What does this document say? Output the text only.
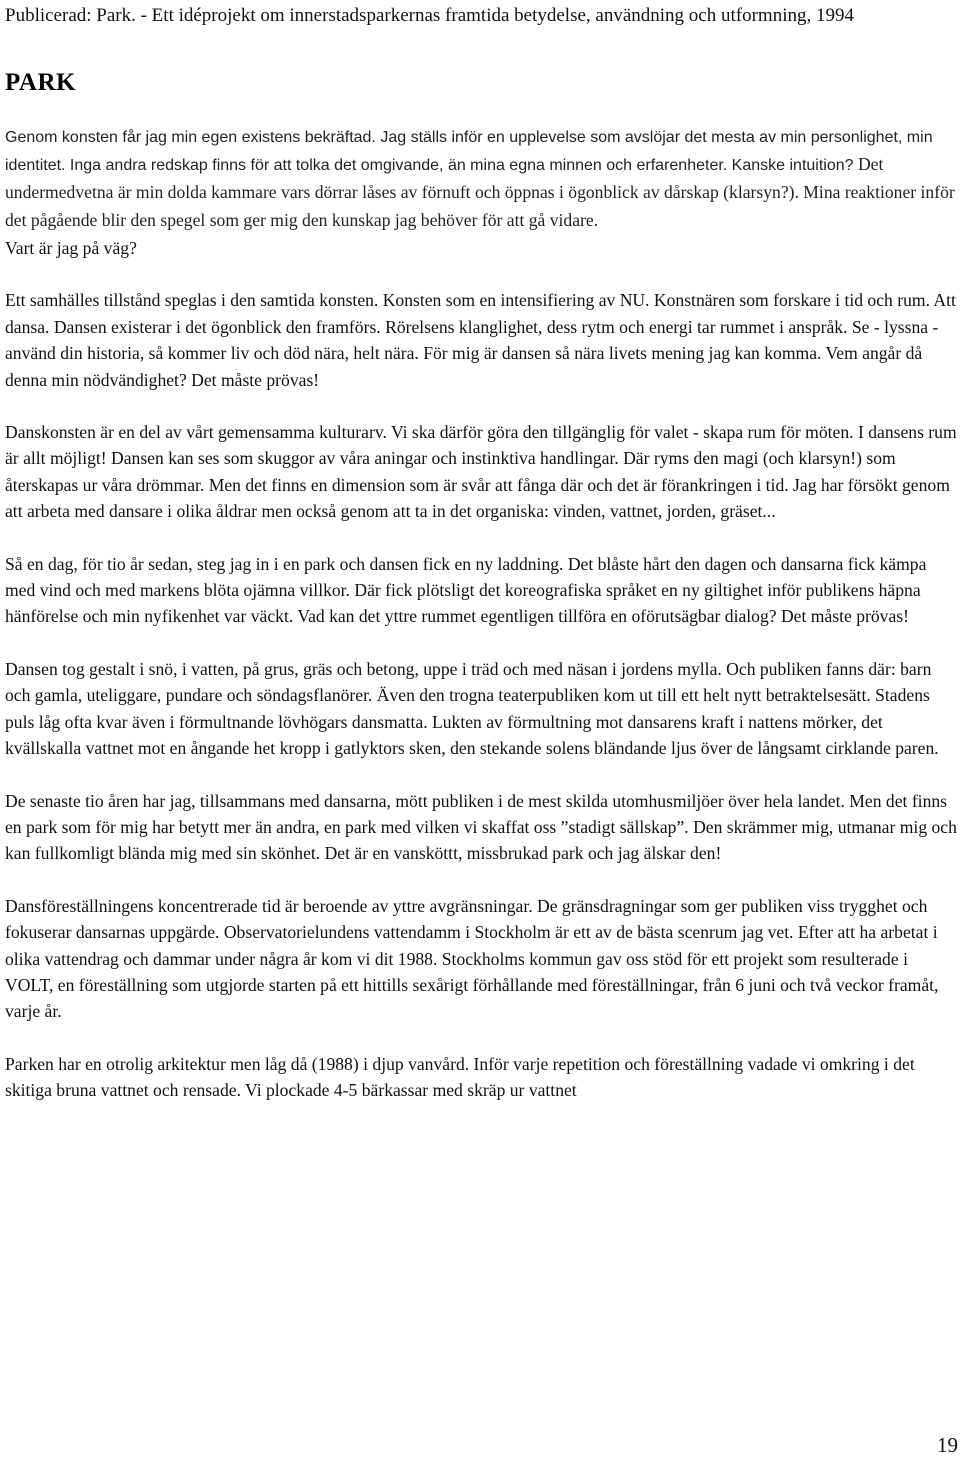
Publicerad: Park. - Ett idéprojekt om innerstadsparkernas framtida betydelse, användning och utformning, 1994
PARK

Genom konsten får jag min egen existens bekräftad. Jag ställs inför en upplevelse som avslöjar det mesta av min personlighet, min identitet. Inga andra redskap finns för att tolka det omgivande, än mina egna minnen och erfarenheter. Kanske intuition? Det undermedvetna är min dolda kammare vars dörrar låses av förnuft och öppnas i ögonblick av dårskap (klarsyn?). Mina reaktioner inför det pågående blir den spegel som ger mig den kunskap jag behöver för att gå vidare.

Vart är jag på väg?

Ett samhälles tillstånd speglas i den samtida konsten. Konsten som en intensifiering av NU. Konstnären som forskare i tid och rum. Att dansa. Dansen existerar i det ögonblick den framförs. Rörelsens klanglighet, dess rytm och energi tar rummet i anspråk. Se - lyssna - använd din historia, så kommer liv och död nära, helt nära. För mig är dansen så nära livets mening jag kan komma. Vem angår då denna min nödvändighet? Det måste prövas!

Danskonsten är en del av vårt gemensamma kulturarv. Vi ska därför göra den tillgänglig för valet - skapa rum för möten. I dansens rum är allt möjligt! Dansen kan ses som skuggor av våra aningar och instinktiva handlingar. Där ryms den magi (och klarsyn!) som återskapas ur våra drömmar. Men det finns en dimension som är svår att fånga där och det är förankringen i tid. Jag har försökt genom att arbeta med dansare i olika åldrar men också genom att ta in det organiska: vinden, vattnet, jorden, gräset...

Så en dag, för tio år sedan, steg jag in i en park och dansen fick en ny laddning. Det blåste hårt den dagen och dansarna fick kämpa med vind och med markens blöta ojämna villkor. Där fick plötsligt det koreografiska språket en ny giltighet inför publikens häpna hänförelse och min nyfikenhet var väckt. Vad kan det yttre rummet egentligen tillföra en oförutsägbar dialog? Det måste prövas!

Dansen tog gestalt i snö, i vatten, på grus, gräs och betong, uppe i träd och med näsan i jordens mylla. Och publiken fanns där: barn och gamla, uteliggare, pundare och söndagsflanörer. Även den trogna teaterpubliken kom ut till ett helt nytt betraktelsesätt. Stadens puls låg ofta kvar även i förmultnande lövhögars dansmatta. Lukten av förmultning mot dansarens kraft i nattens mörker, det kvällskalla vattnet mot en ångande het kropp i gatlyktors sken, den stekande solens bländande ljus över de långsamt cirklande paren.

De senaste tio åren har jag, tillsammans med dansarna, mött publiken i de mest skilda utomhusmiljöer över hela landet. Men det finns en park som för mig har betytt mer än andra, en park med vilken vi skaffat oss ”stadigt sällskap”. Den skrämmer mig, utmanar mig och kan fullkomligt blända mig med sin skönhet. Det är en vansköttt, missbrukad park och jag älskar den!

Dansföreställningens koncentrerade tid är beroende av yttre avgränsningar. De gränsdragningar som ger publiken viss trygghet och fokuserar dansarnas uppgärde. Observatorielundens vattendamm i Stockholm är ett av de bästa scenrum jag vet. Efter att ha arbetat i olika vattendrag och dammar under några år kom vi dit 1988. Stockholms kommun gav oss stöd för ett projekt som resulterade i VOLT, en föreställning som utgjorde starten på ett hittills sexårigt förhållande med föreställningar, från 6 juni och två veckor framåt, varje år.

Parken har en otrolig arkitektur men låg då (1988) i djup vanvård. Inför varje repetition och föreställning vadade vi omkring i det skitiga bruna vattnet och rensade. Vi plockade 4-5 bärkassar med skräp ur vattnet

19
